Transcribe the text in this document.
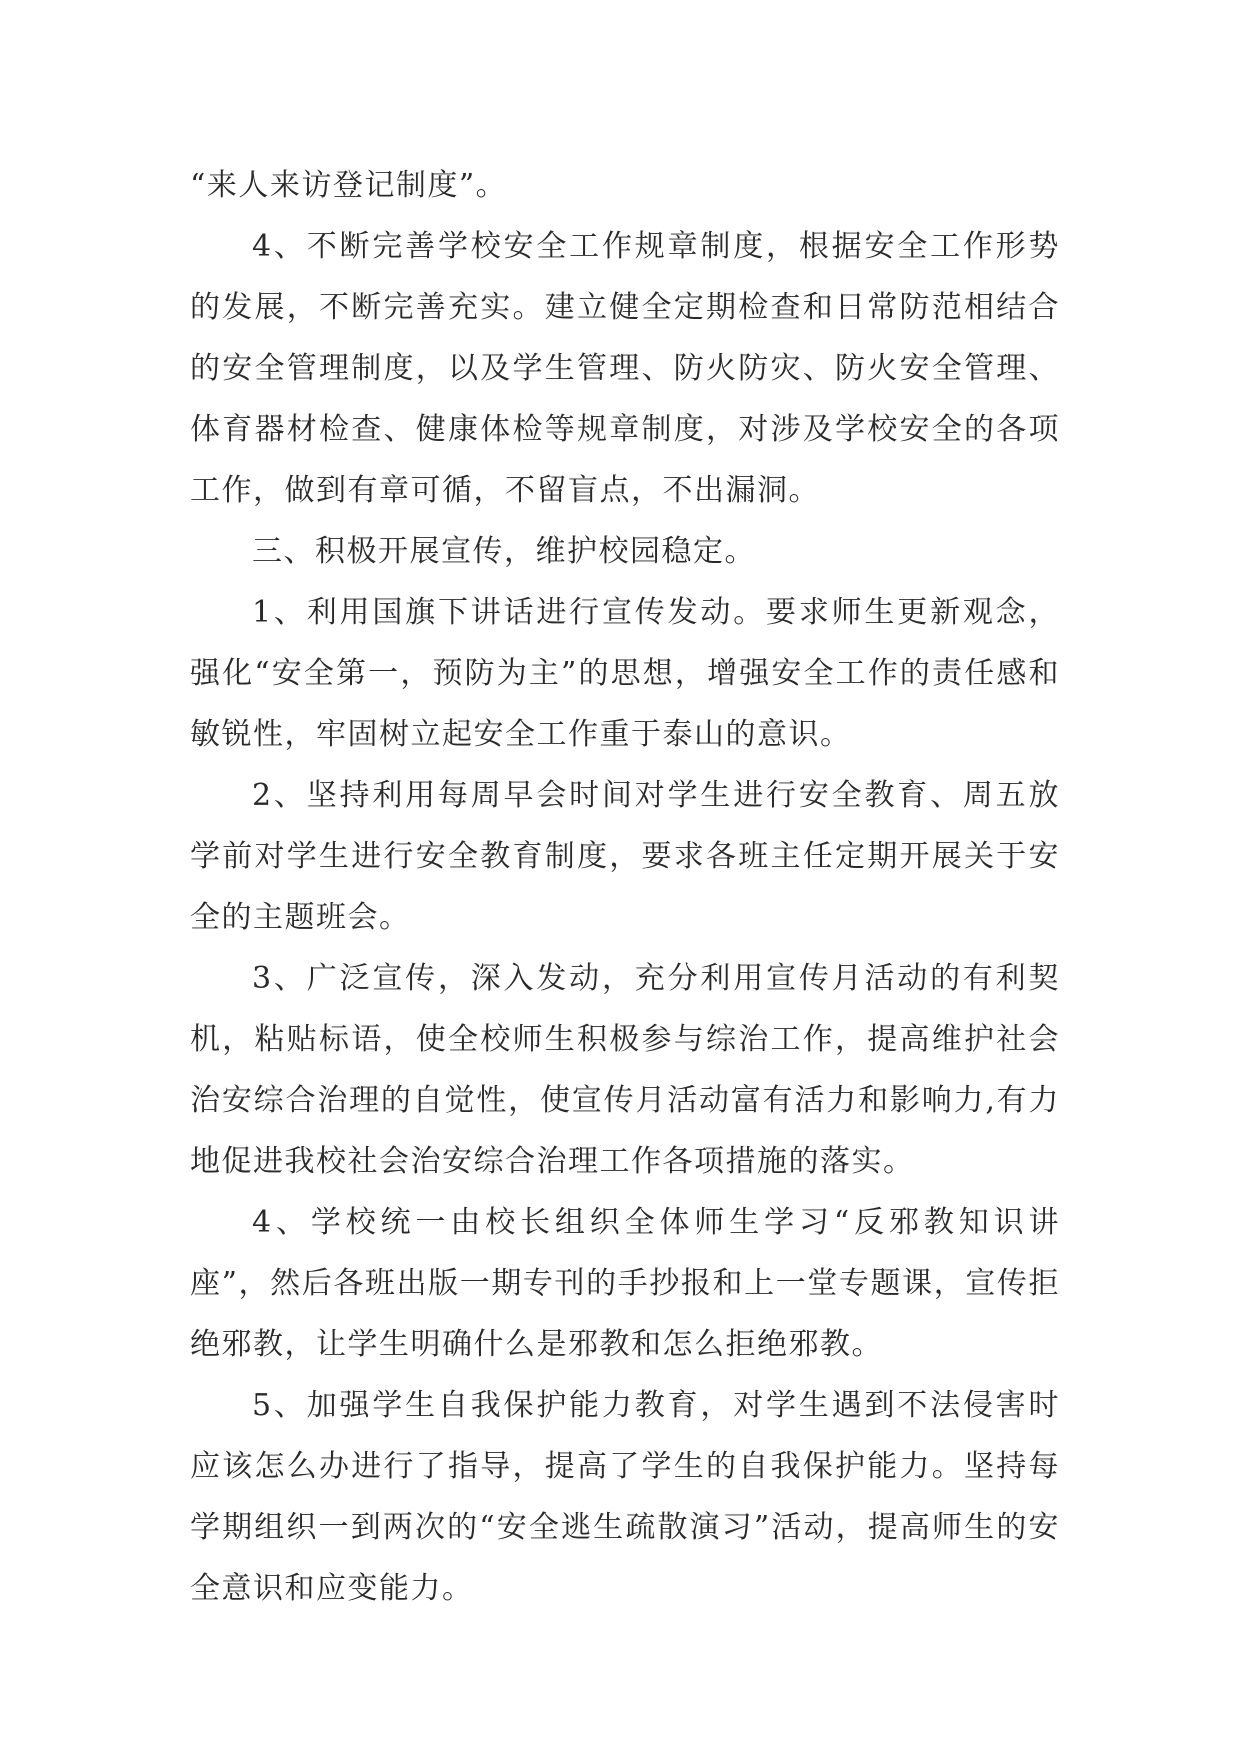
“来人来访登记制度”。

4、不断完善学校安全工作规章制度，根据安全工作形势的发展，不断完善充实。建立健全定期检查和日常防范相结合的安全管理制度，以及学生管理、防火防灾、防火安全管理、体育器材检查、健康体检等规章制度，对涉及学校安全的各项工作，做到有章可循，不留盲点，不出漏洞。

三、积极开展宣传，维护校园稳定。

1、利用国旗下讲话进行宣传发动。要求师生更新观念，强化“安全第一，预防为主”的思想，增强安全工作的责任感和敏锐性，牢固树立起安全工作重于泰山的意识。

2、坚持利用每周早会时间对学生进行安全教育、周五放学前对学生进行安全教育制度，要求各班主任定期开展关于安全的主题班会。

3、广泛宣传，深入发动，充分利用宣传月活动的有利契机，粘贴标语，使全校师生积极参与综治工作，提高维护社会治安综合治理的自觉性，使宣传月活动富有活力和影响力,有力地促进我校社会治安综合治理工作各项措施的落实。

4、学校统一由校长组织全体师生学习“反邪教知识讲座”，然后各班出版一期专刊的手抄报和上一堂专题课，宣传拒绝邪教，让学生明确什么是邪教和怎么拒绝邪教。

5、加强学生自我保护能力教育，对学生遇到不法侵害时应该怎么办进行了指导，提高了学生的自我保护能力。坚持每学期组织一到两次的“安全逃生疏散演习”活动，提高师生的安全意识和应变能力。
